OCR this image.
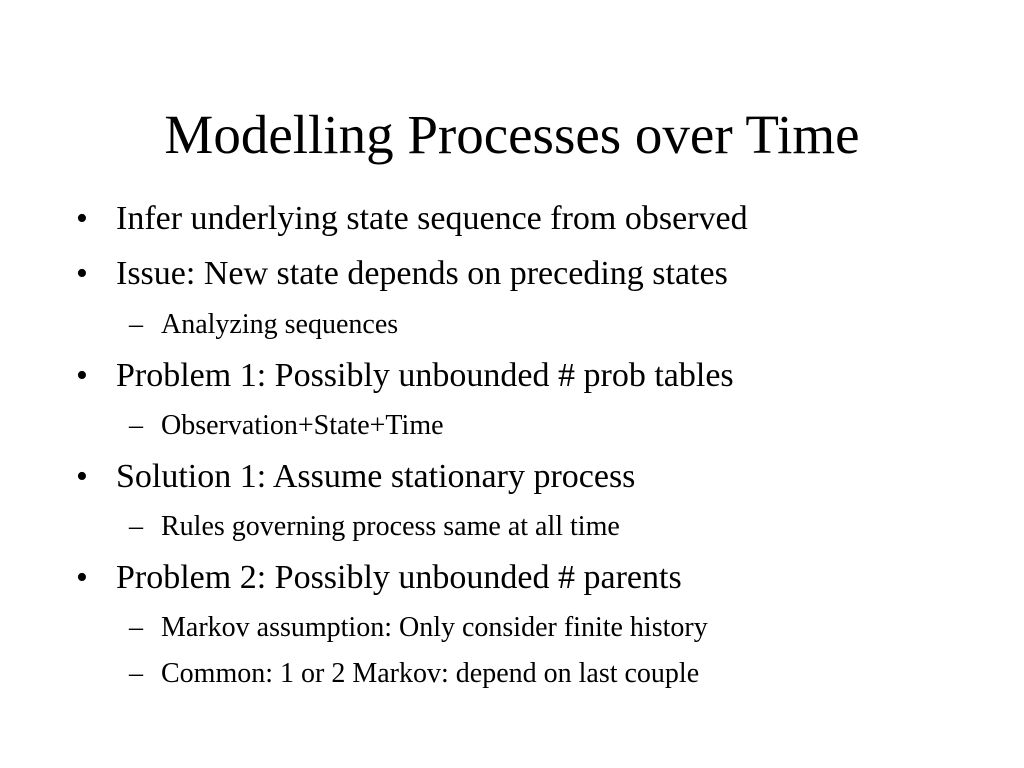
Modelling Processes over Time
• Infer underlying state sequence from observed
• Issue: New state depends on preceding states
– Analyzing sequences
• Problem 1: Possibly unbounded # prob tables
– Observation+State+Time
• Solution 1: Assume stationary process
– Rules governing process same at all time
• Problem 2: Possibly unbounded # parents
– Markov assumption: Only consider finite history
– Common: 1 or 2 Markov: depend on last couple
